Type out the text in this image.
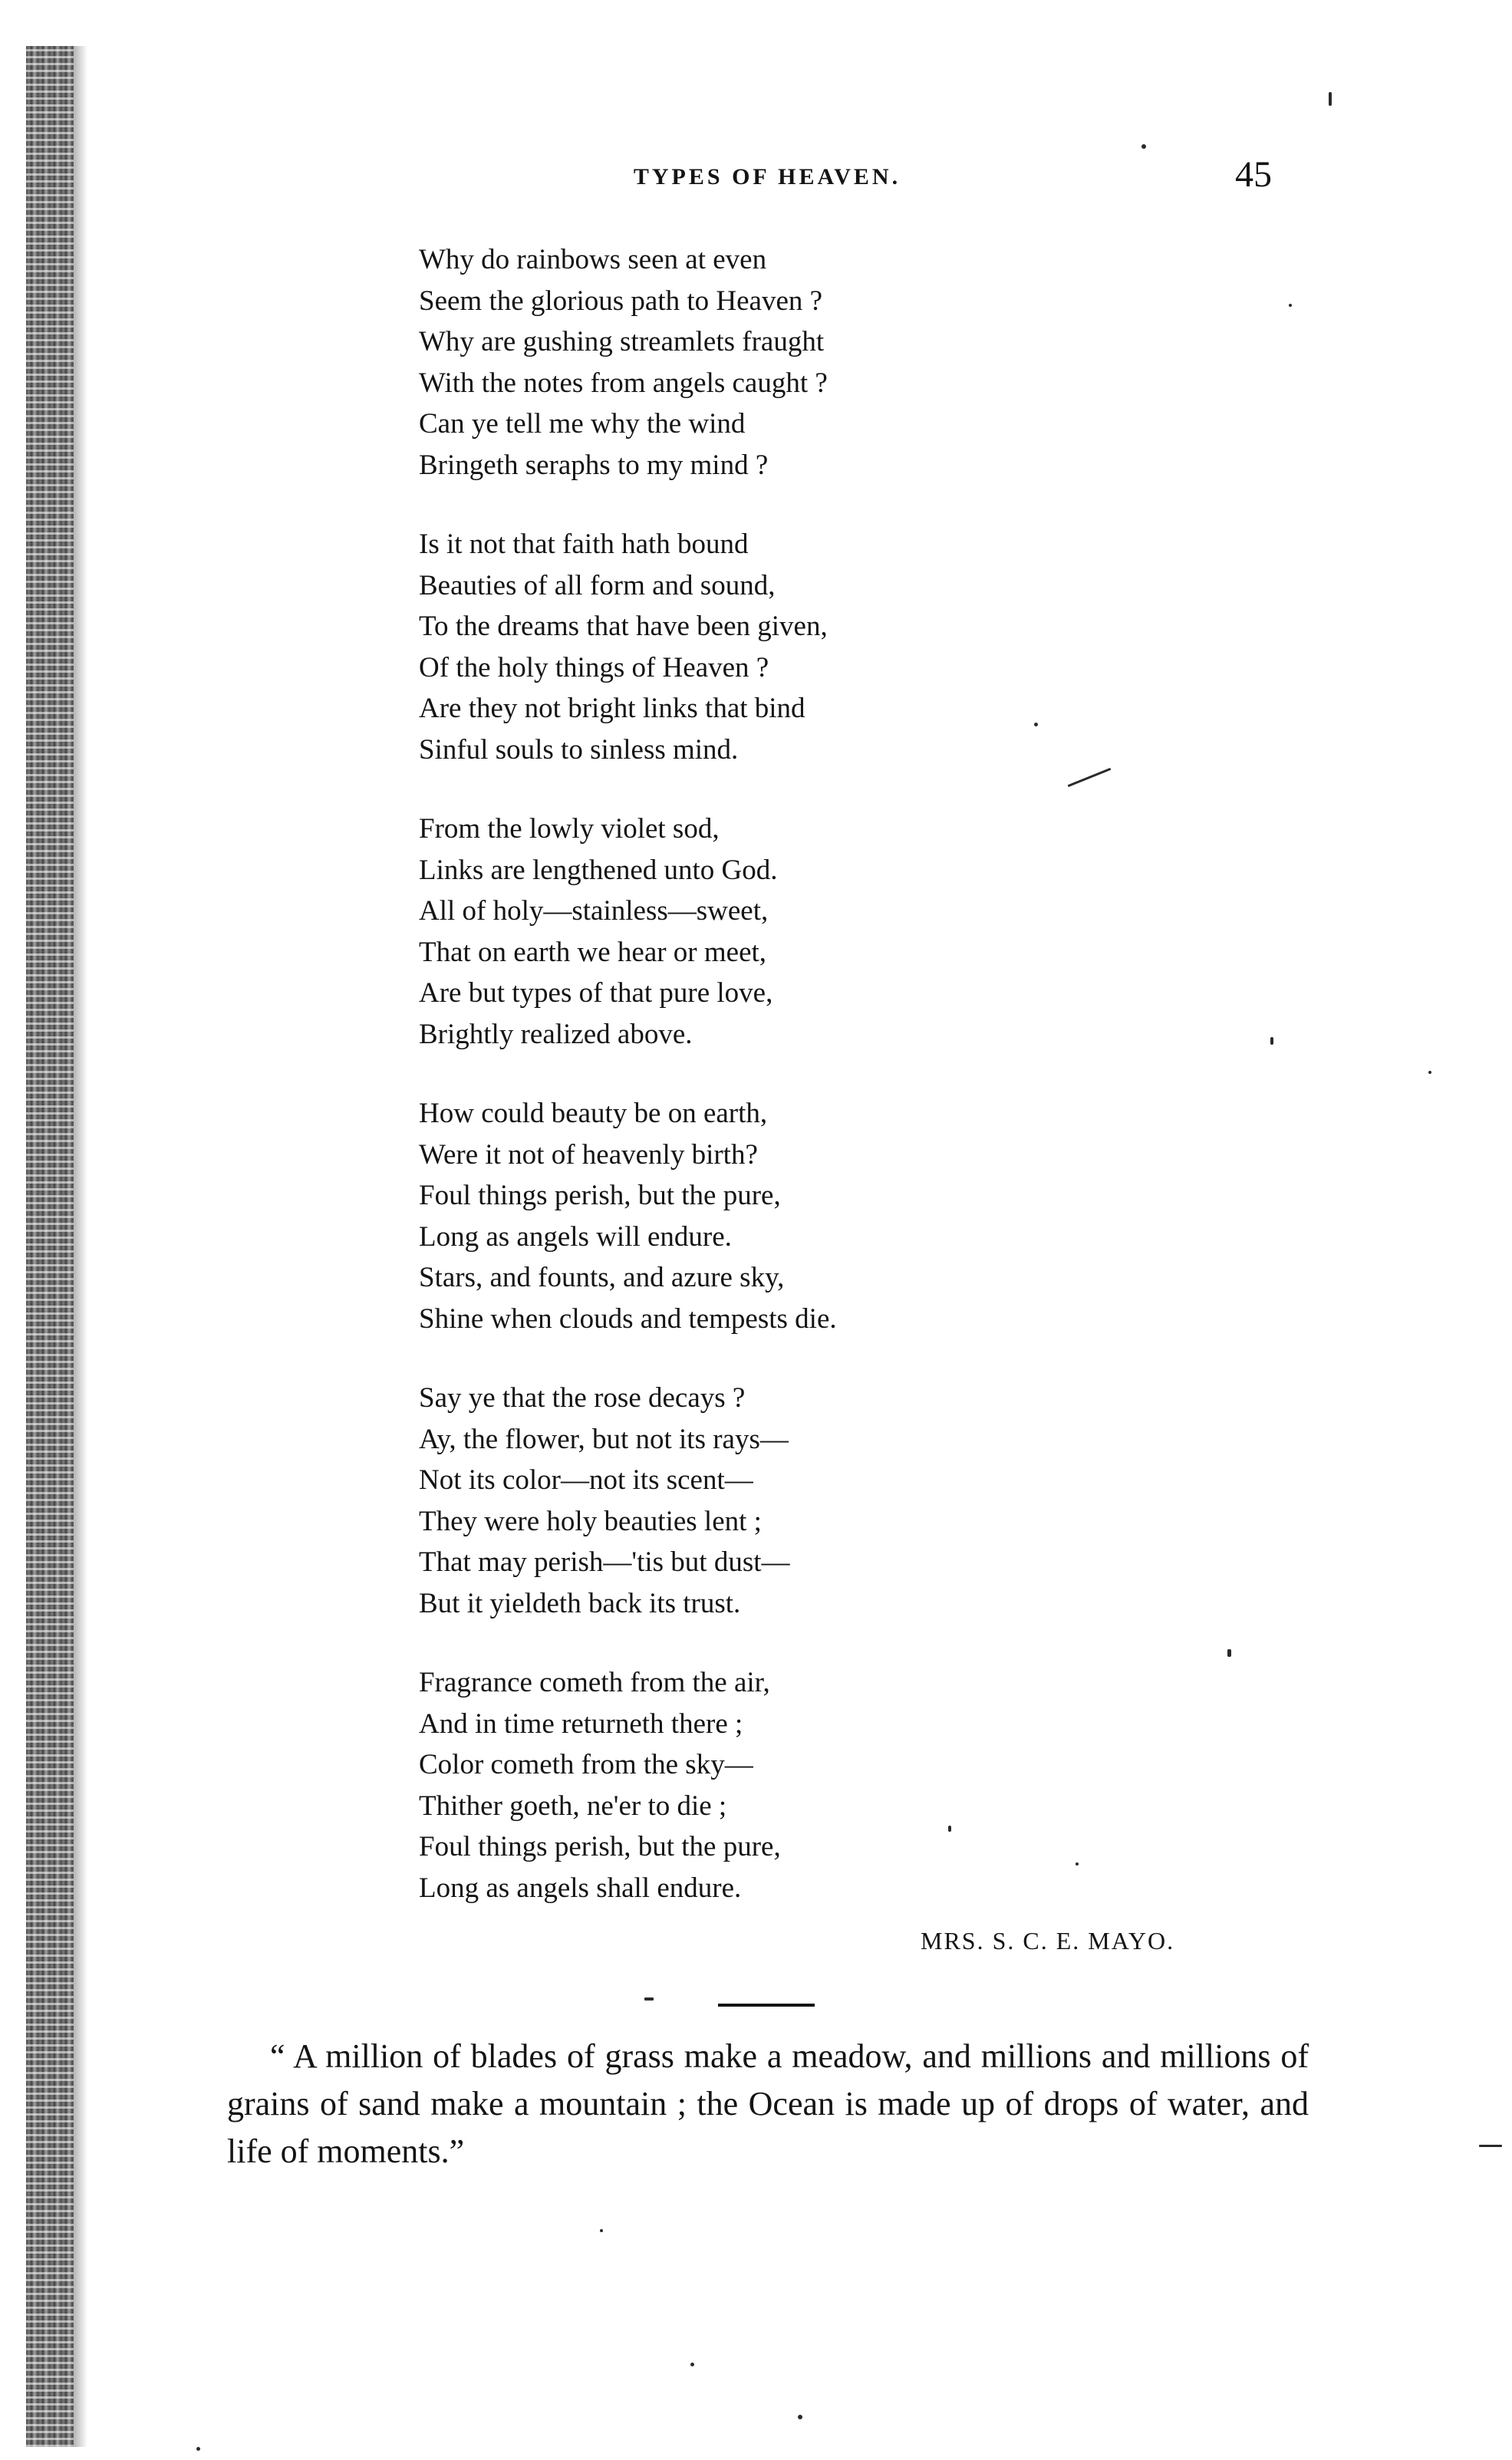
TYPES OF HEAVEN.	45
Why do rainbows seen at even
Seem the glorious path to Heaven ?
Why are gushing streamlets fraught
With the notes from angels caught ?
Can ye tell me why the wind
Bringeth seraphs to my mind ?
Is it not that faith hath bound
Beauties of all form and sound,
To the dreams that have been given,
Of the holy things of Heaven ?
Are they not bright links that bind
Sinful souls to sinless mind.
From the lowly violet sod,
Links are lengthened unto God.
All of holy—stainless—sweet,
That on earth we hear or meet,
Are but types of that pure love,
Brightly realized above.
How could beauty be on earth,
Were it not of heavenly birth?
Foul things perish, but the pure,
Long as angels will endure.
Stars, and founts, and azure sky,
Shine when clouds and tempests die.
Say ye that the rose decays ?
Ay, the flower, but not its rays—
Not its color—not its scent—
They were holy beauties lent ;
That may perish—'tis but dust—
But it yieldeth back its trust.
Fragrance cometh from the air,
And in time returneth there ;
Color cometh from the sky—
Thither goeth, ne'er to die ;
Foul things perish, but the pure,
Long as angels shall endure.
MRS. S. C. E. MAYO.

“ A million of blades of grass make a meadow, and millions and millions of grains of sand make a mountain ; the Ocean is made up of drops of water, and life of moments.”
